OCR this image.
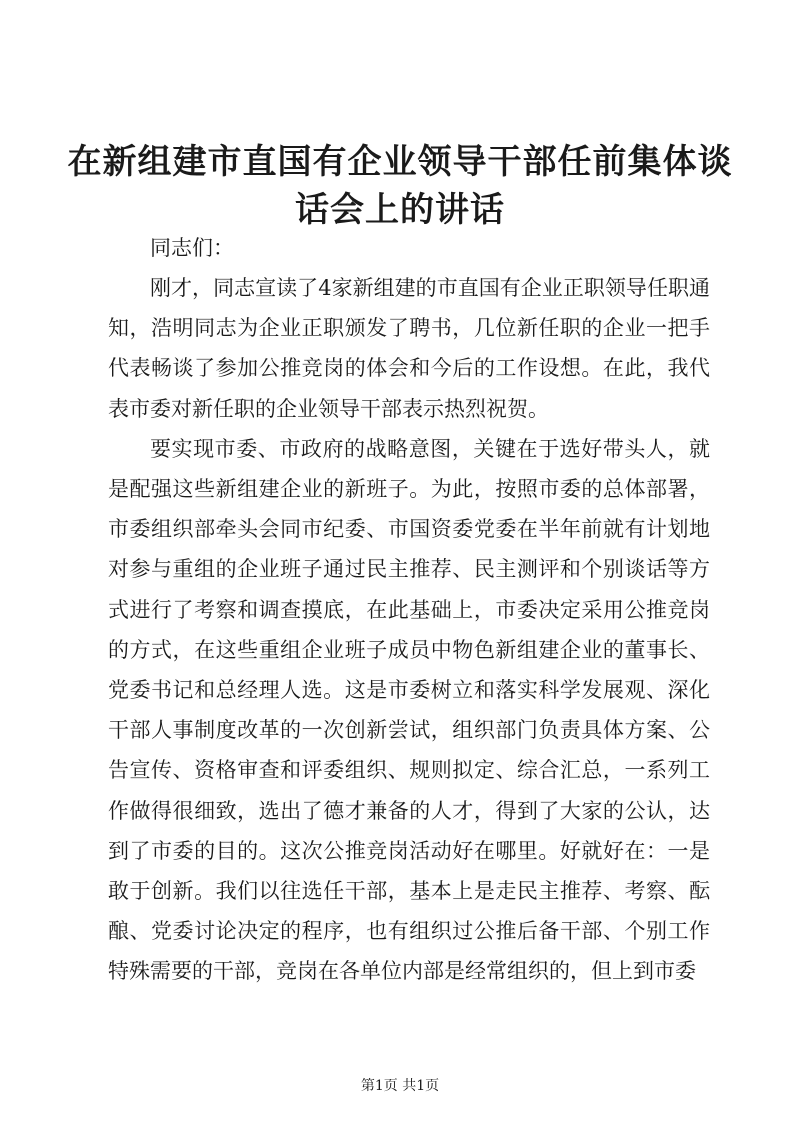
在新组建市直国有企业领导干部任前集体谈话会上的讲话

同志们：

刚才，同志宣读了4家新组建的市直国有企业正职领导任职通知，浩明同志为企业正职颁发了聘书，几位新任职的企业一把手代表畅谈了参加公推竞岗的体会和今后的工作设想。在此，我代表市委对新任职的企业领导干部表示热烈祝贺。

要实现市委、市政府的战略意图，关键在于选好带头人，就是配强这些新组建企业的新班子。为此，按照市委的总体部署，市委组织部牵头会同市纪委、市国资委党委在半年前就有计划地对参与重组的企业班子通过民主推荐、民主测评和个别谈话等方式进行了考察和调查摸底，在此基础上，市委决定采用公推竞岗的方式，在这些重组企业班子成员中物色新组建企业的董事长、党委书记和总经理人选。这是市委树立和落实科学发展观、深化干部人事制度改革的一次创新尝试，组织部门负责具体方案、公告宣传、资格审查和评委组织、规则拟定、综合汇总，一系列工作做得很细致，选出了德才兼备的人才，得到了大家的公认，达到了市委的目的。这次公推竞岗活动好在哪里。好就好在：一是敢于创新。我们以往选任干部，基本上是走民主推荐、考察、酝酿、党委讨论决定的程序，也有组织过公推后备干部、个别工作特殊需要的干部，竞岗在各单位内部是经常组织的，但上到市委

第1页 共1页
